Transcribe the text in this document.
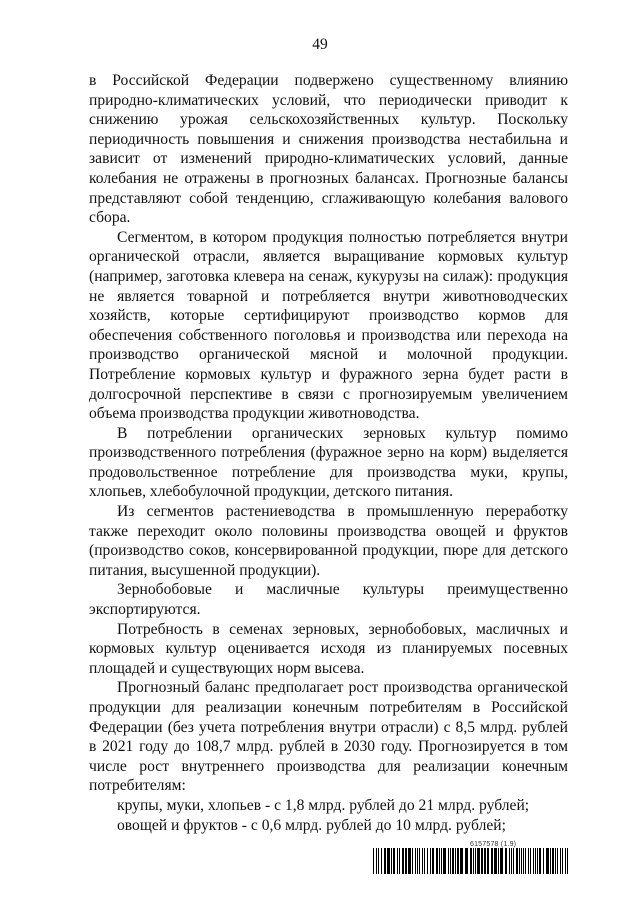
49

в Российской Федерации подвержено существенному влиянию природно-климатических условий, что периодически приводит к снижению урожая сельскохозяйственных культур. Поскольку периодичность повышения и снижения производства нестабильна и зависит от изменений природно-климатических условий, данные колебания не отражены в прогнозных балансах. Прогнозные балансы представляют собой тенденцию, сглаживающую колебания валового сбора.

Сегментом, в котором продукция полностью потребляется внутри органической отрасли, является выращивание кормовых культур (например, заготовка клевера на сенаж, кукурузы на силаж): продукция не является товарной и потребляется внутри животноводческих хозяйств, которые сертифицируют производство кормов для обеспечения собственного поголовья и производства или перехода на производство органической мясной и молочной продукции. Потребление кормовых культур и фуражного зерна будет расти в долгосрочной перспективе в связи с прогнозируемым увеличением объема производства продукции животноводства.

В потреблении органических зерновых культур помимо производственного потребления (фуражное зерно на корм) выделяется продовольственное потребление для производства муки, крупы, хлопьев, хлебобулочной продукции, детского питания.

Из сегментов растениеводства в промышленную переработку также переходит около половины производства овощей и фруктов (производство соков, консервированной продукции, пюре для детского питания, высушенной продукции).

Зернобобовые и масличные культуры преимущественно экспортируются.

Потребность в семенах зерновых, зернобобовых, масличных и кормовых культур оценивается исходя из планируемых посевных площадей и существующих норм высева.

Прогнозный баланс предполагает рост производства органической продукции для реализации конечным потребителям в Российской Федерации (без учета потребления внутри отрасли) с 8,5 млрд. рублей в 2021 году до 108,7 млрд. рублей в 2030 году. Прогнозируется в том числе рост внутреннего производства для реализации конечным потребителям:

крупы, муки, хлопьев - с 1,8 млрд. рублей до 21 млрд. рублей;

овощей и фруктов - с 0,6 млрд. рублей до 10 млрд. рублей;

6157578 (1.9)
